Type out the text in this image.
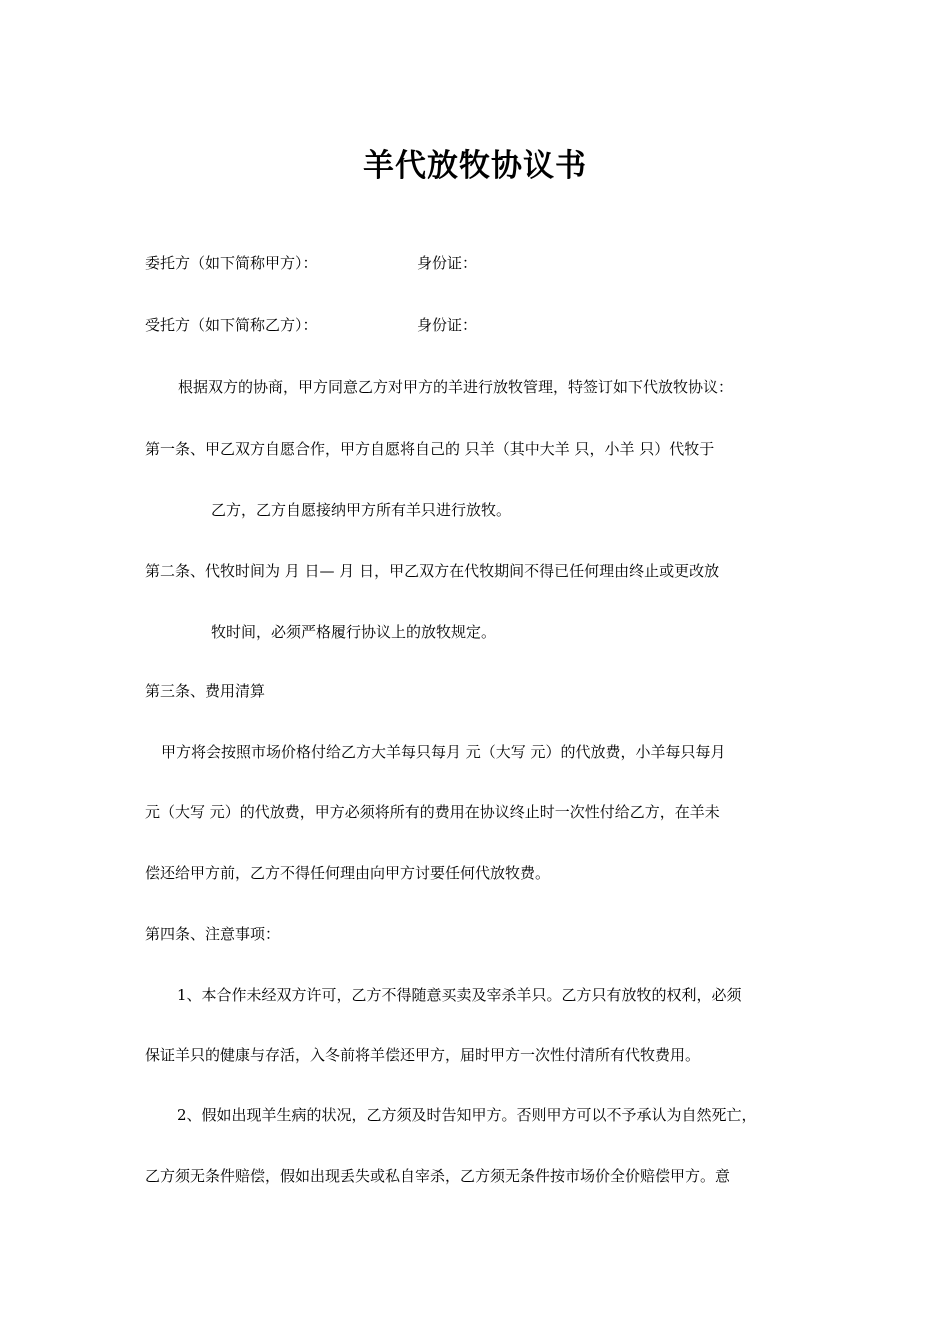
羊代放牧协议书
委托方（如下简称甲方）：	身份证：
受托方（如下简称乙方）：	身份证：
根据双方的协商，甲方同意乙方对甲方的羊进行放牧管理，特签订如下代放牧协议：
第一条、甲乙双方自愿合作，甲方自愿将自己的 只羊（其中大羊 只，小羊 只）代牧于
乙方，乙方自愿接纳甲方所有羊只进行放牧。
第二条、代牧时间为 月 日— 月 日，甲乙双方在代牧期间不得已任何理由终止或更改放
牧时间，必须严格履行协议上的放牧规定。
第三条、费用清算
甲方将会按照市场价格付给乙方大羊每只每月 元（大写 元）的代放费，小羊每只每月
元（大写 元）的代放费，甲方必须将所有的费用在协议终止时一次性付给乙方，在羊未
偿还给甲方前，乙方不得任何理由向甲方讨要任何代放牧费。
第四条、注意事项：
1、本合作未经双方许可，乙方不得随意买卖及宰杀羊只。乙方只有放牧的权利，必须
保证羊只的健康与存活，入冬前将羊偿还甲方，届时甲方一次性付清所有代牧费用。
2、假如出现羊生病的状况，乙方须及时告知甲方。否则甲方可以不予承认为自然死亡，
乙方须无条件赔偿，假如出现丢失或私自宰杀，乙方须无条件按市场价全价赔偿甲方。意
